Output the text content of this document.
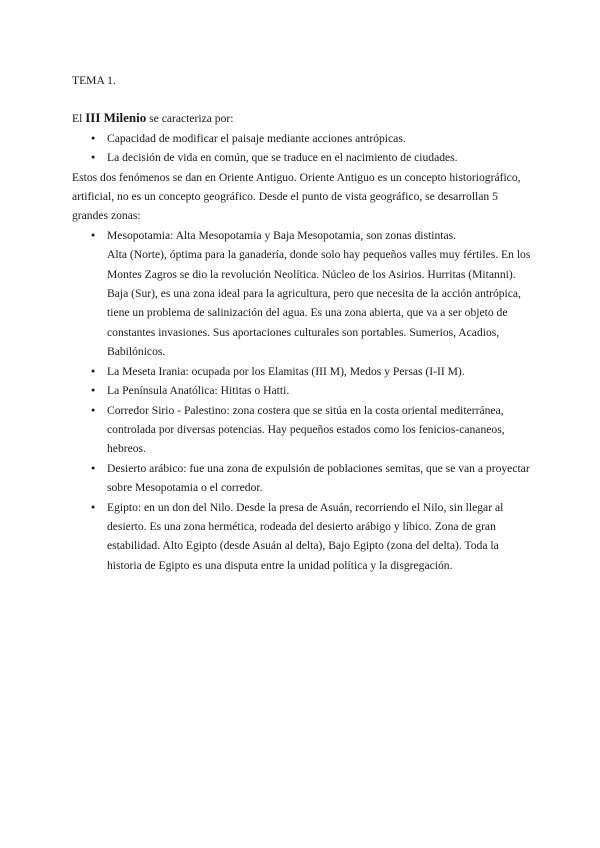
TEMA 1.

El III Milenio se caracteriza por:

● Capacidad de modificar el paisaje mediante acciones antrópicas.
● La decisión de vida en común, que se traduce en el nacimiento de ciudades.

Estos dos fenómenos se dan en Oriente Antiguo. Oriente Antiguo es un concepto historiográfico, artificial, no es un concepto geográfico. Desde el punto de vista geográfico, se desarrollan 5 grandes zonas:

● Mesopotamia: Alta Mesopotamia y Baja Mesopotamia, son zonas distintas.

Alta (Norte), óptima para la ganadería, donde solo hay pequeños valles muy fértiles. En los Montes Zagros se dio la revolución Neolítica. Núcleo de los Asirios. Hurritas (Mitanni).

Baja (Sur), es una zona ideal para la agricultura, pero que necesita de la acción antrópica, tiene un problema de salinización del agua. Es una zona abierta, que va a ser objeto de constantes invasiones. Sus aportaciones culturales son portables. Sumerios, Acadios, Babilónicos.

● La Meseta Irania: ocupada por los Elamitas (III M), Medos y Persas (I-II M).
● La Península Anatólica: Hititas o Hatti.
● Corredor Sirio - Palestino: zona costera que se sitúa en la costa oriental mediterránea, controlada por diversas potencias. Hay pequeños estados como los fenicios-cananeos, hebreos.
● Desierto arábico: fue una zona de expulsión de poblaciones semitas, que se van a proyectar sobre Mesopotamia o el corredor.
● Egipto: en un don del Nilo. Desde la presa de Asuán, recorriendo el Nilo, sin llegar al desierto. Es una zona hermética, rodeada del desierto arábigo y líbico. Zona de gran estabilidad. Alto Egipto (desde Asuán al delta), Bajo Egipto (zona del delta). Toda la historia de Egipto es una disputa entre la unidad política y la disgregación.
